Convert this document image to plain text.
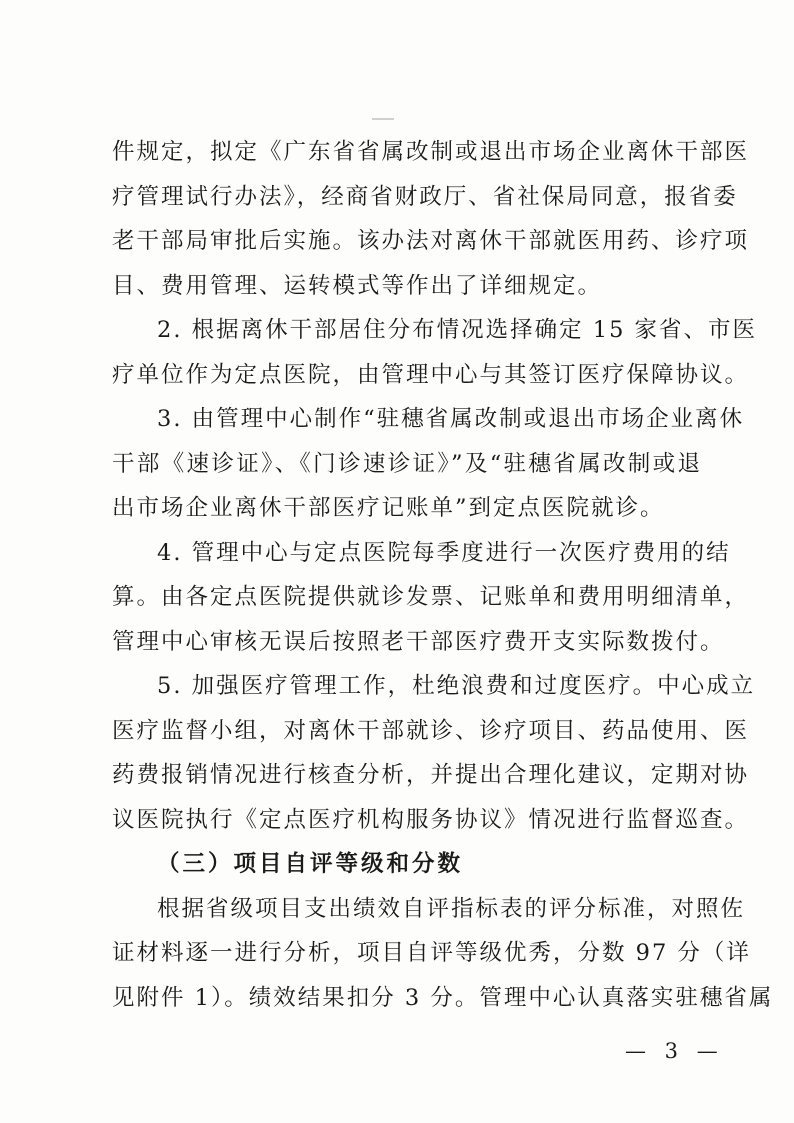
件规定，拟定《广东省省属改制或退出市场企业离休干部医
疗管理试行办法》，经商省财政厅、省社保局同意，报省委
老干部局审批后实施。该办法对离休干部就医用药、诊疗项
目、费用管理、运转模式等作出了详细规定。
2. 根据离休干部居住分布情况选择确定 15 家省、市医
疗单位作为定点医院，由管理中心与其签订医疗保障协议。
3. 由管理中心制作“驻穗省属改制或退出市场企业离休
干部《速诊证》、《门诊速诊证》”及“驻穗省属改制或退
出市场企业离休干部医疗记账单”到定点医院就诊。
4. 管理中心与定点医院每季度进行一次医疗费用的结
算。由各定点医院提供就诊发票、记账单和费用明细清单，
管理中心审核无误后按照老干部医疗费开支实际数拨付。
5. 加强医疗管理工作，杜绝浪费和过度医疗。中心成立
医疗监督小组，对离休干部就诊、诊疗项目、药品使用、医
药费报销情况进行核查分析，并提出合理化建议，定期对协
议医院执行《定点医疗机构服务协议》情况进行监督巡查。
（三）项目自评等级和分数
根据省级项目支出绩效自评指标表的评分标准，对照佐
证材料逐一进行分析，项目自评等级优秀，分数 97 分（详
见附件 1）。绩效结果扣分 3 分。管理中心认真落实驻穗省属
— 3 —
